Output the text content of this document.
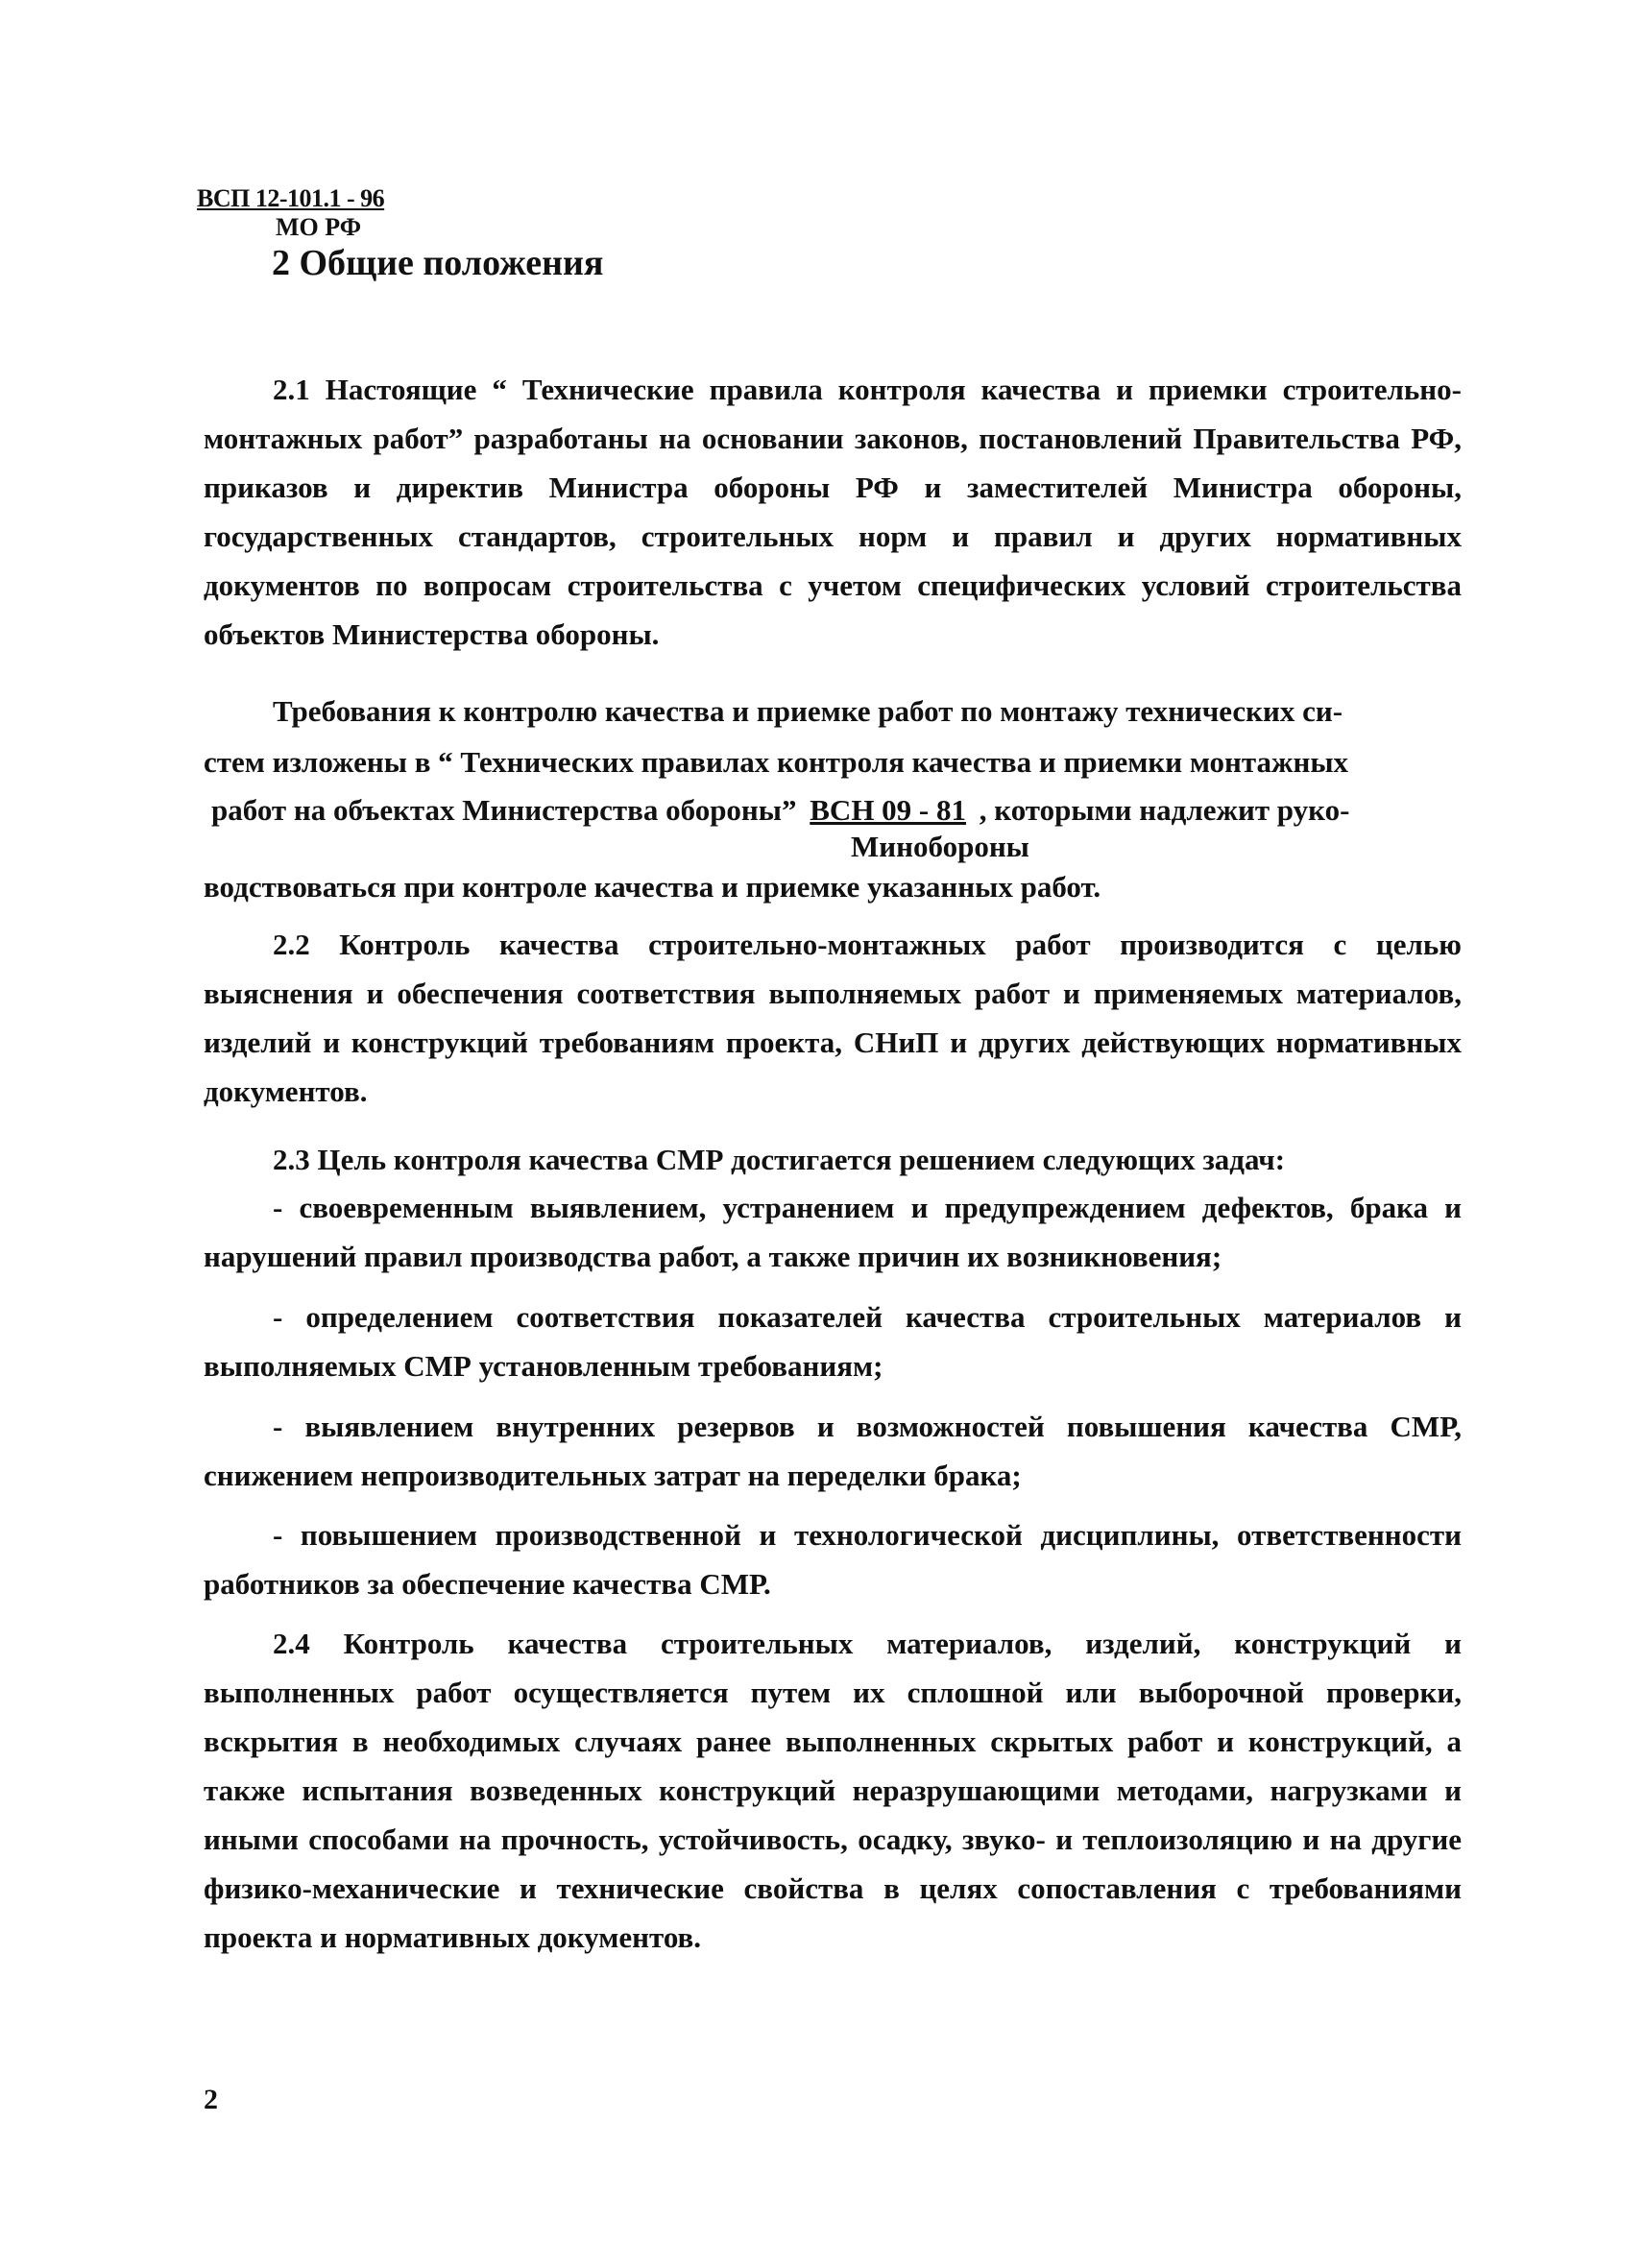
ВСП 12-101.1 - 96
МО РФ
2 Общие положения

2.1 Настоящие “ Технические правила контроля качества и приемки строительно-монтажных работ” разработаны на основании законов, постановлений Правительства РФ, приказов и директив Министра обороны РФ и заместителей Министра обороны, государственных стандартов, строительных норм и правил и других нормативных документов по вопросам строительства с учетом специфических условий строительства объектов Министерства обороны.

Требования к контролю качества и приемке работ по монтажу технических си-

стем изложены в “ Технических правилах контроля качества и приемки монтажных

работ на объектах Министерства обороны” ВСН 09 - 81 , которыми надлежит руко-
Минобороны

водствоваться при контроле качества и приемке указанных работ.

2.2 Контроль качества строительно-монтажных работ производится с целью выяснения и обеспечения соответствия выполняемых работ и применяемых материалов, изделий и конструкций требованиям проекта, СНиП и других действующих нормативных документов.

2.3 Цель контроля качества СМР достигается решением следующих задач:

- своевременным выявлением, устранением и предупреждением дефектов, брака и нарушений правил производства работ, а также причин их возникновения;

- определением соответствия показателей качества строительных материалов и выполняемых СМР установленным требованиям;

- выявлением внутренних резервов и возможностей повышения качества СМР, снижением непроизводительных затрат на переделки брака;

- повышением производственной и технологической дисциплины, ответственности работников за обеспечение качества СМР.

2.4 Контроль качества строительных материалов, изделий, конструкций и выполненных работ осуществляется путем их сплошной или выборочной проверки, вскрытия в необходимых случаях ранее выполненных скрытых работ и конструкций, а также испытания возведенных конструкций неразрушающими методами, нагрузками и иными способами на прочность, устойчивость, осадку, звуко- и теплоизоляцию и на другие физико-механические и технические свойства в целях сопоставления с требованиями проекта и нормативных документов.

2
